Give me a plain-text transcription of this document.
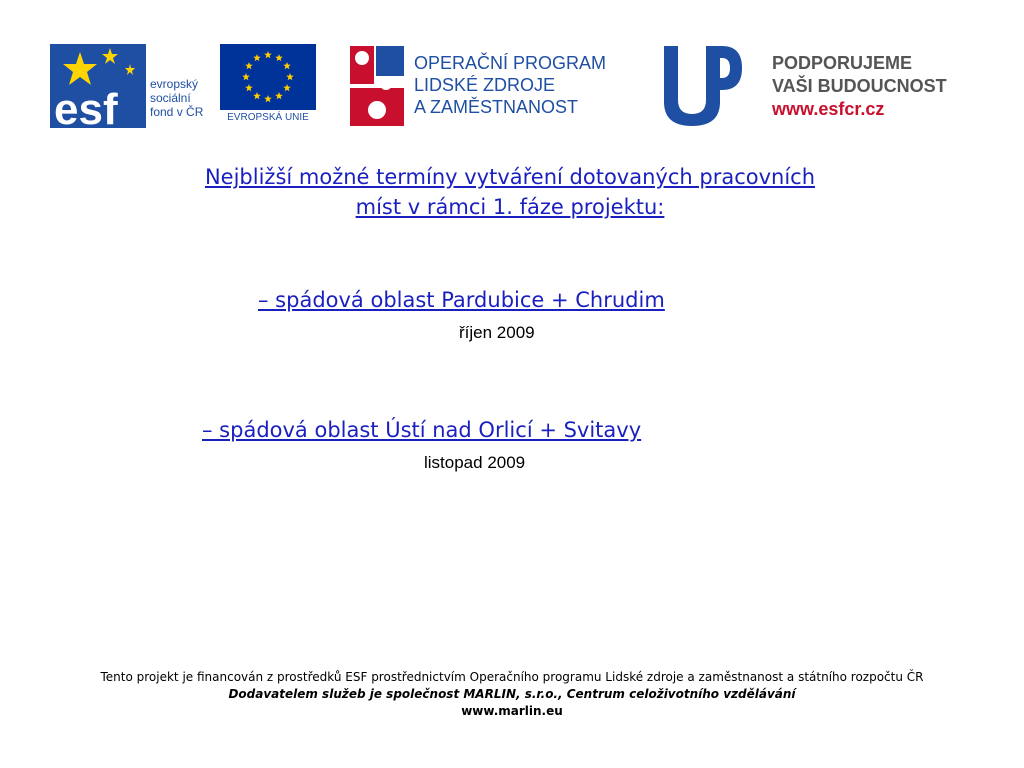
esf
evropský
sociální
fond v ČR	EVROPSKÁ UNIE
OPERAČNÍ PROGRAM
LIDSKÉ ZDROJE
A ZAMĚSTNANOST
PODPORUJEME
VAŠI BUDOUCNOST
www.esfcr.cz
Nejbližší možné termíny vytváření dotovaných pracovních
míst v rámci 1. fáze projektu:
– spádová oblast Pardubice + Chrudim
říjen 2009
– spádová oblast Ústí nad Orlicí + Svitavy
listopad 2009
Tento projekt je financován z prostředků ESF prostřednictvím Operačního programu Lidské zdroje a zaměstnanost a státního rozpočtu ČR
Dodavatelem služeb je společnost MARLIN, s.r.o., Centrum celoživotního vzdělávání
www.marlin.eu
